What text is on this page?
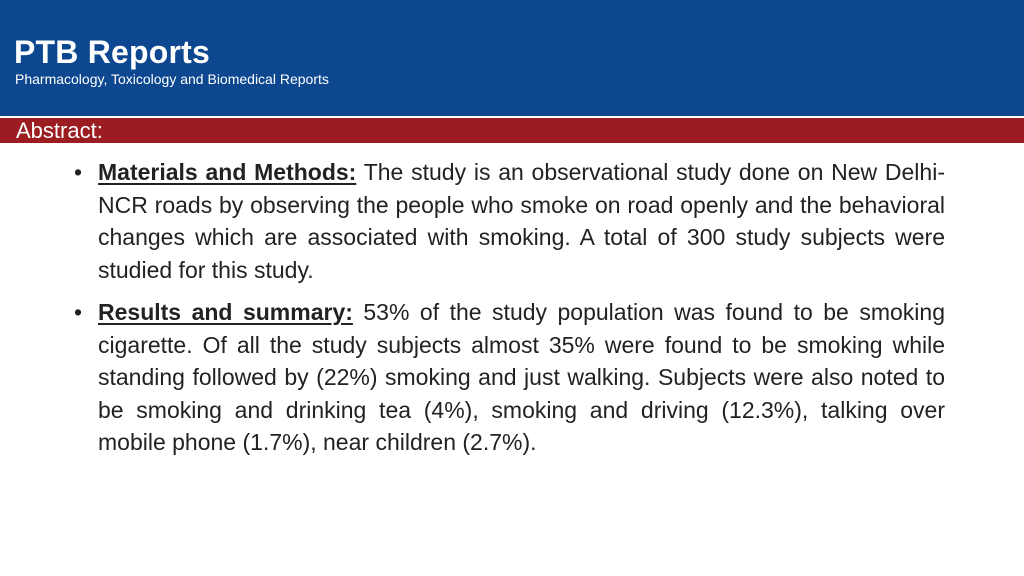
PTB Reports
Pharmacology, Toxicology and Biomedical Reports
Abstract:
• Materials and Methods: The study is an observational study done on New Delhi-NCR roads by observing the people who smoke on road openly and the behavioral changes which are associated with smoking. A total of 300 study subjects were studied for this study.
• Results and summary: 53% of the study population was found to be smoking cigarette. Of all the study subjects almost 35% were found to be smoking while standing followed by (22%) smoking and just walking. Subjects were also noted to be smoking and drinking tea (4%), smoking and driving (12.3%), talking over mobile phone (1.7%), near children (2.7%).
